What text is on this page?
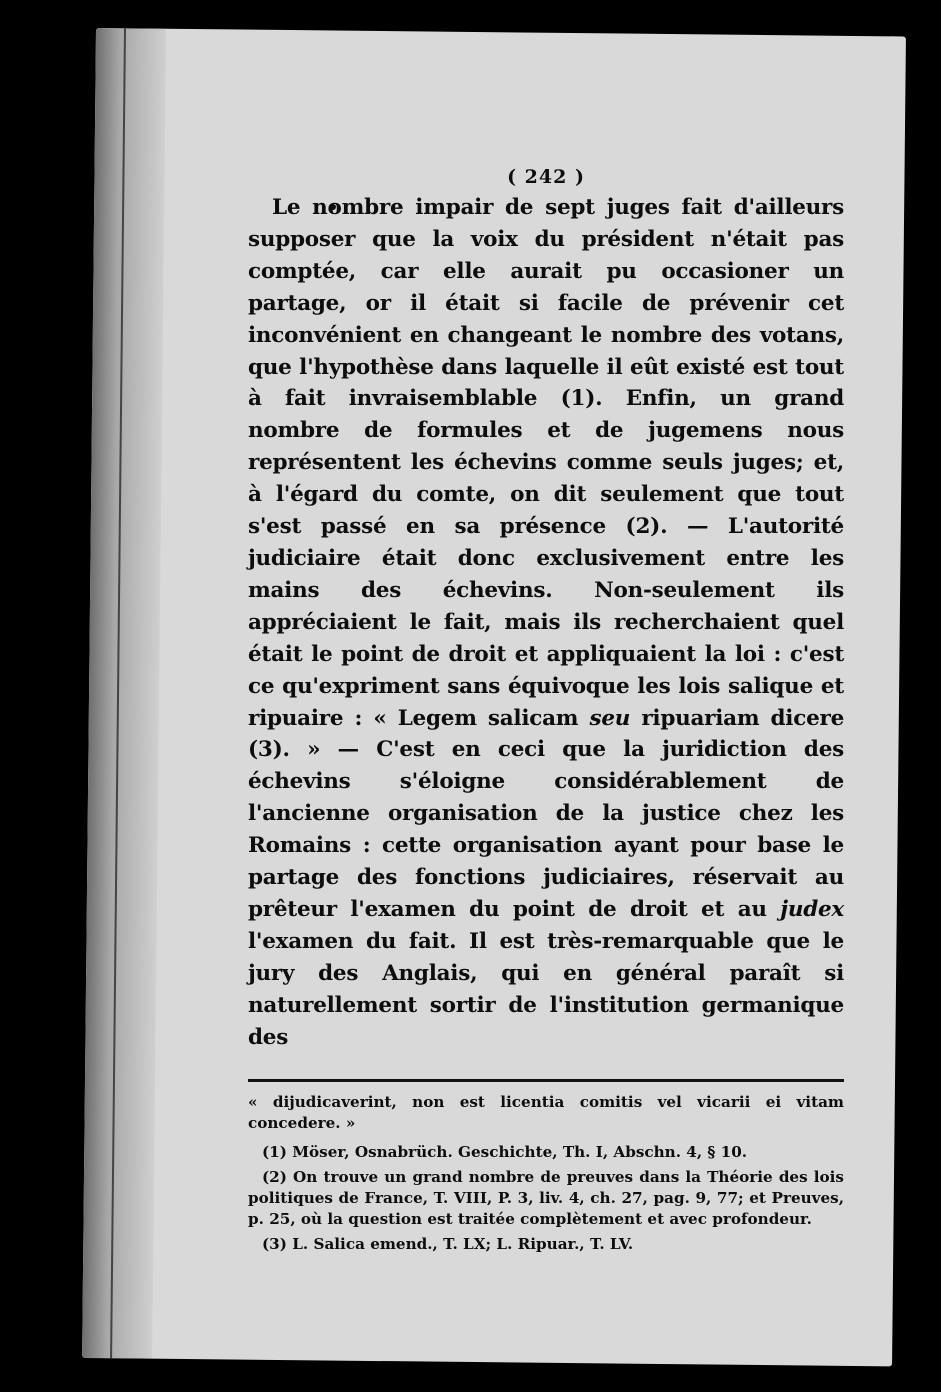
( 242 )

Le nombre impair de sept juges fait d'ailleurs supposer que la voix du président n'était pas comptée, car elle aurait pu occasioner un partage, or il était si facile de prévenir cet inconvénient en changeant le nombre des votans, que l'hypothèse dans laquelle il eût existé est tout à fait invraisemblable (1). Enfin, un grand nombre de formules et de jugemens nous représentent les échevins comme seuls juges; et, à l'égard du comte, on dit seulement que tout s'est passé en sa présence (2). — L'autorité judiciaire était donc exclusivement entre les mains des échevins. Non-seulement ils appréciaient le fait, mais ils recherchaient quel était le point de droit et appliquaient la loi : c'est ce qu'expriment sans équivoque les lois salique et ripuaire : « Legem salicam seu ripuariam dicere (3). » — C'est en ceci que la juridiction des échevins s'éloigne considérablement de l'ancienne organisation de la justice chez les Romains : cette organisation ayant pour base le partage des fonctions judiciaires, réservait au prêteur l'examen du point de droit et au judex l'examen du fait. Il est très-remarquable que le jury des Anglais, qui en général paraît si naturellement sortir de l'institution germanique des

« dijudicaverint, non est licentia comitis vel vicarii ei vitam concedere. »

(1) Möser, Osnabrüch. Geschichte, Th. I, Abschn. 4, § 10.

(2) On trouve un grand nombre de preuves dans la Théorie des lois politiques de France, T. VIII, P. 3, liv. 4, ch. 27, pag. 9, 77; et Preuves, p. 25, où la question est traitée complètement et avec profondeur.

(3) L. Salica emend., T. LX; L. Ripuar., T. LV.
